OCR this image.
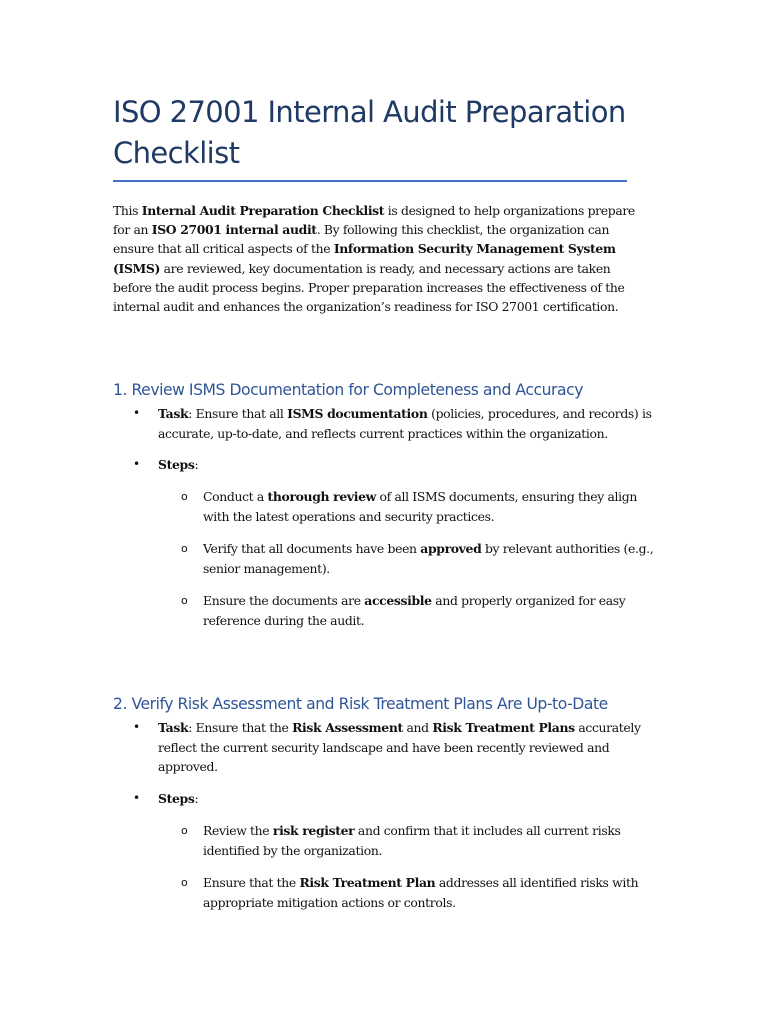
ISO 27001 Internal Audit Preparation Checklist

This Internal Audit Preparation Checklist is designed to help organizations prepare for an ISO 27001 internal audit. By following this checklist, the organization can ensure that all critical aspects of the Information Security Management System (ISMS) are reviewed, key documentation is ready, and necessary actions are taken before the audit process begins. Proper preparation increases the effectiveness of the internal audit and enhances the organization’s readiness for ISO 27001 certification.

1. Review ISMS Documentation for Completeness and Accuracy
• Task: Ensure that all ISMS documentation (policies, procedures, and records) is accurate, up-to-date, and reflects current practices within the organization.

• Steps:

o Conduct a thorough review of all ISMS documents, ensuring they align with the latest operations and security practices.

o Verify that all documents have been approved by relevant authorities (e.g., senior management).

o Ensure the documents are accessible and properly organized for easy reference during the audit.

2. Verify Risk Assessment and Risk Treatment Plans Are Up-to-Date
• Task: Ensure that the Risk Assessment and Risk Treatment Plans accurately reflect the current security landscape and have been recently reviewed and approved.

• Steps:

o Review the risk register and confirm that it includes all current risks identified by the organization.

o Ensure that the Risk Treatment Plan addresses all identified risks with appropriate mitigation actions or controls.
